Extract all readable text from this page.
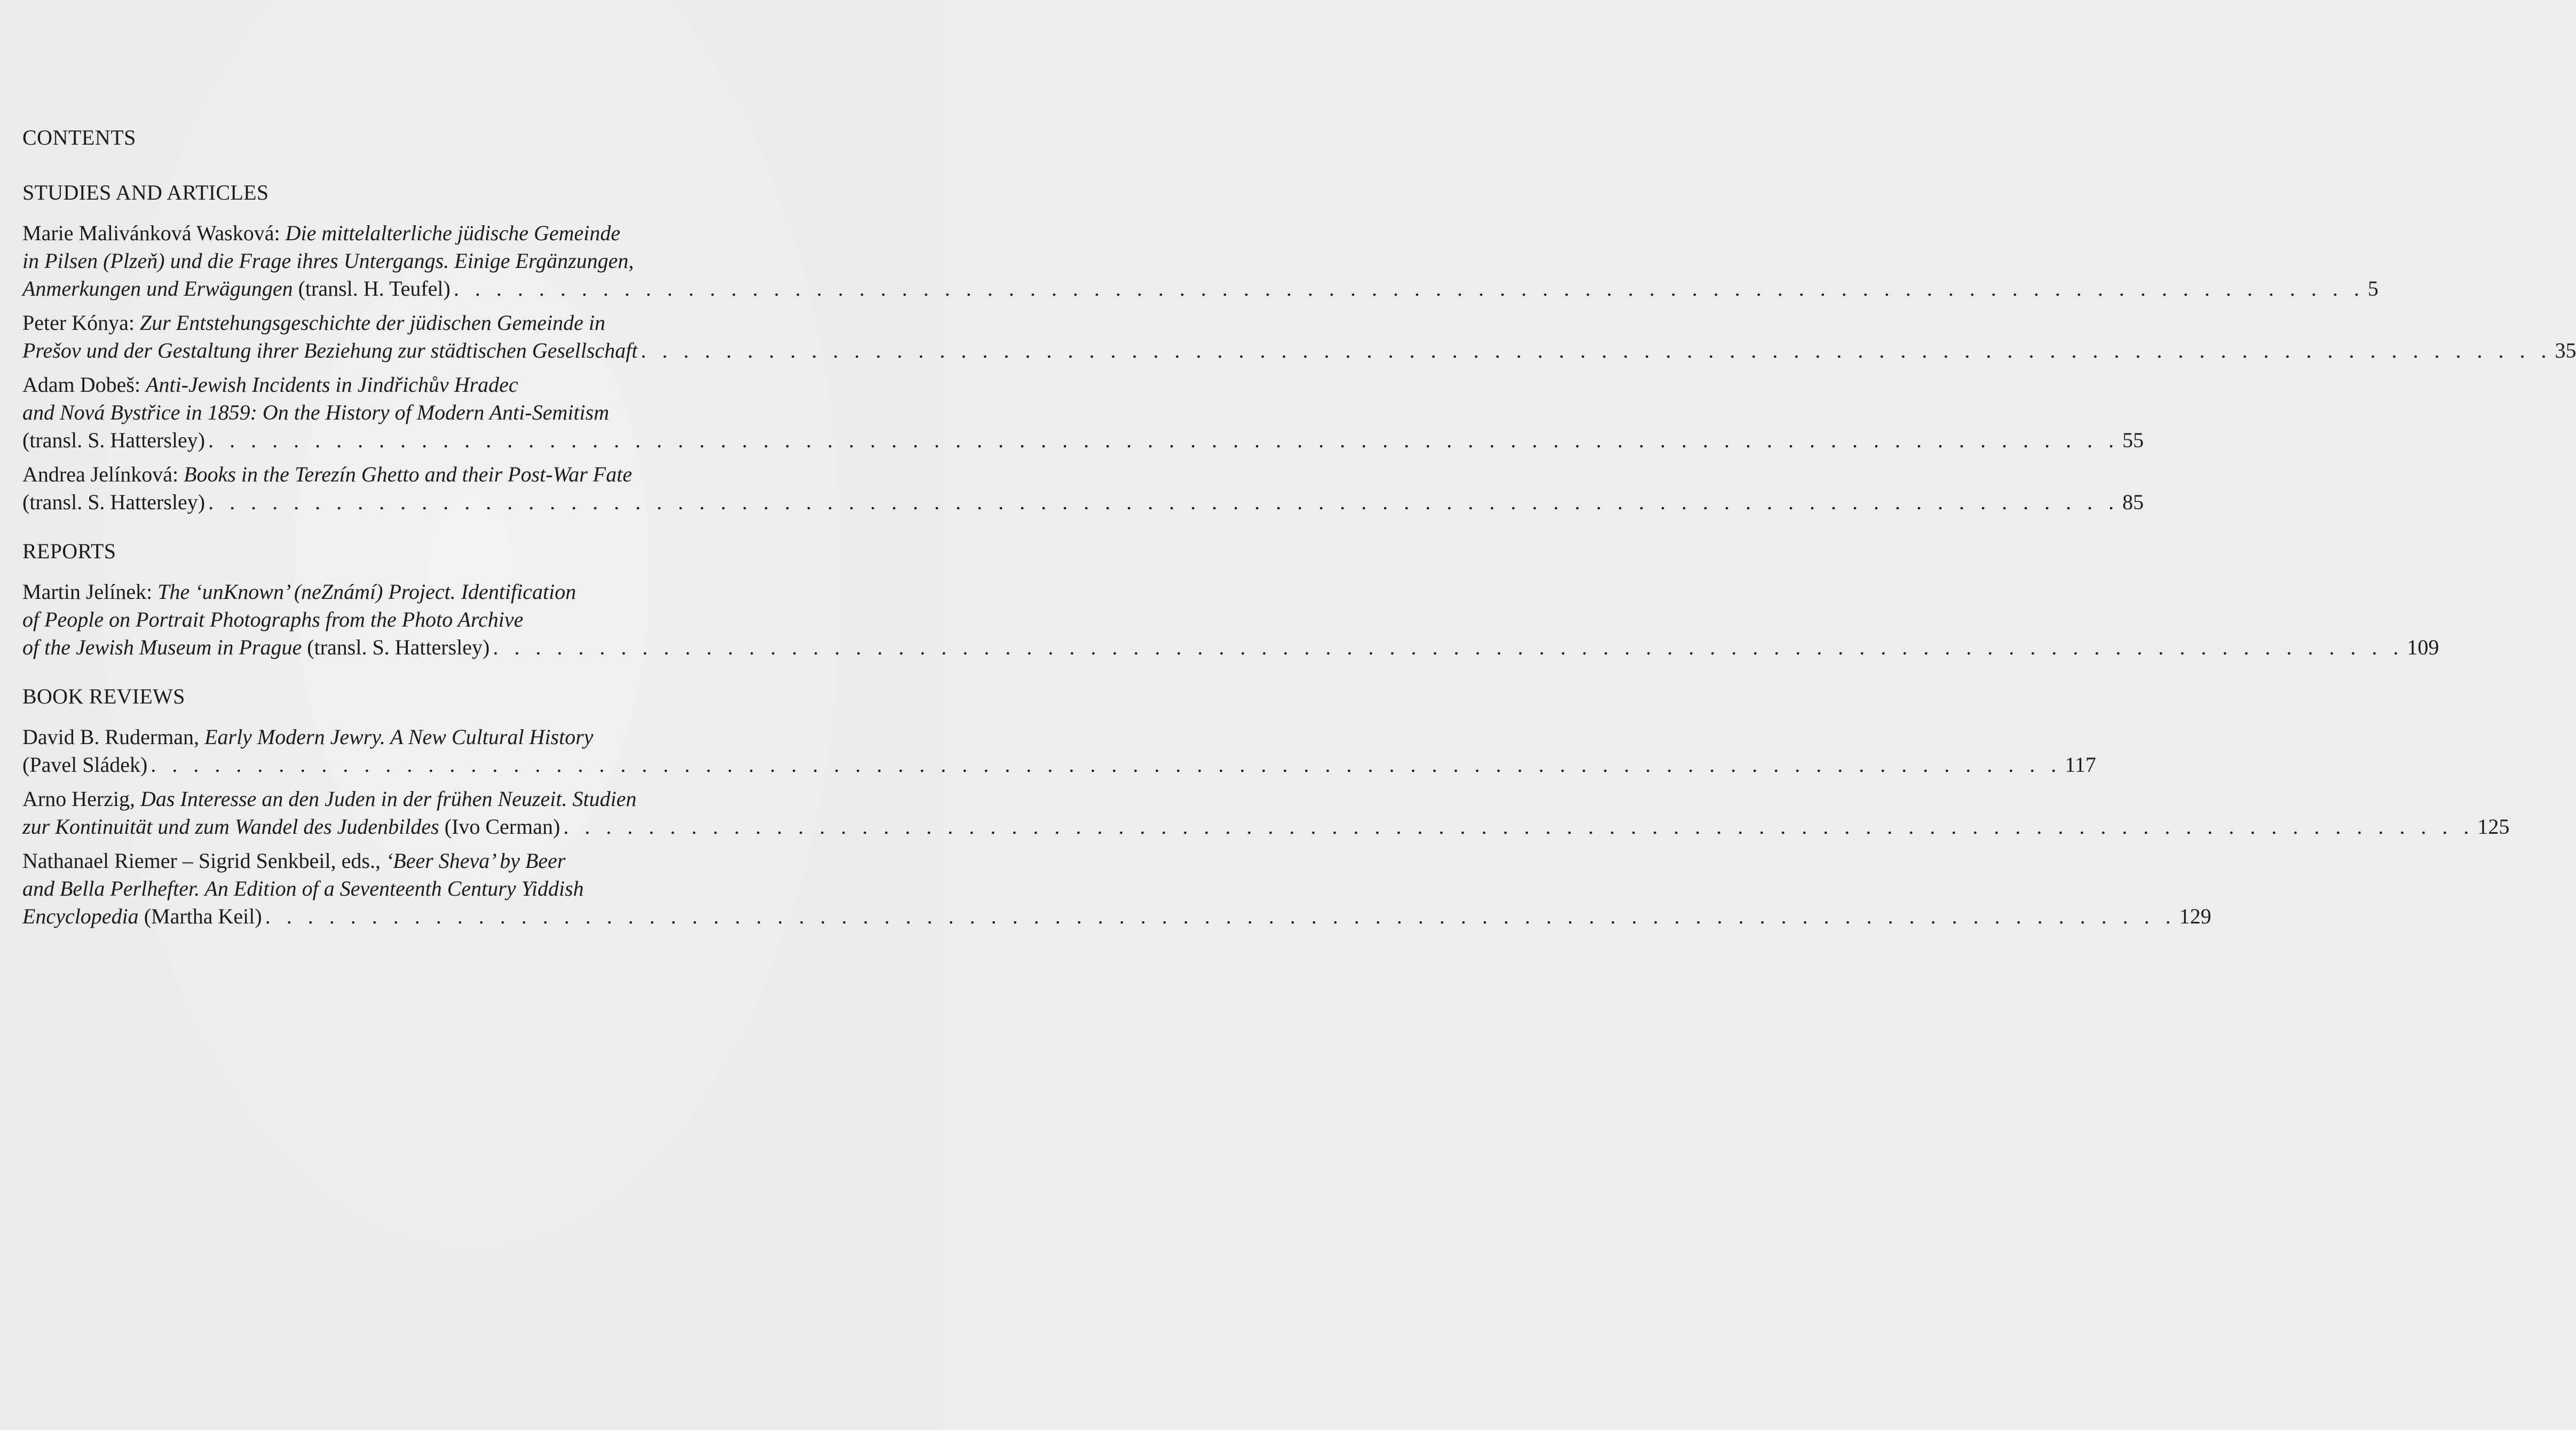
CONTENTS
STUDIES AND ARTICLES
Marie Malivánková Wasková: Die mittelalterliche jüdische Gemeinde
in Pilsen (Plzeň) und die Frage ihres Untergangs. Einige Ergänzungen,
Anmerkungen und Erwägungen (transl. H. Teufel) . . . . . . . . . . . . . . . . . . . . . . . . . . . . . . . . . . . . . . . . . . . . . . . . . . . . . . . . . . . . . . . . . . . . . . . . . . . . . . . . . . . . . . . . . . 5
Peter Kónya: Zur Entstehungsgeschichte der jüdischen Gemeinde in
Prešov und der Gestaltung ihrer Beziehung zur städtischen Gesellschaft . . . . . . . . . . . . . . . . . . . . . . . . . . . . . . . . . . . . . . . . . . . . . . . . . . . . . . . . . . . . . . . . . . . . . . . . . . . . . . . . . . . . . . . . . . 35
Adam Dobeš: Anti-Jewish Incidents in Jindřichův Hradec
and Nová Bystřice in 1859: On the History of Modern Anti-Semitism
(transl. S. Hattersley) . . . . . . . . . . . . . . . . . . . . . . . . . . . . . . . . . . . . . . . . . . . . . . . . . . . . . . . . . . . . . . . . . . . . . . . . . . . . . . . . . . . . . . . . . . 55
Andrea Jelínková: Books in the Terezín Ghetto and their Post-War Fate
(transl. S. Hattersley) . . . . . . . . . . . . . . . . . . . . . . . . . . . . . . . . . . . . . . . . . . . . . . . . . . . . . . . . . . . . . . . . . . . . . . . . . . . . . . . . . . . . . . . . . . 85
REPORTS
Martin Jelínek: The ‘unKnown’ (neZnámí) Project. Identification
of People on Portrait Photographs from the Photo Archive
of the Jewish Museum in Prague (transl. S. Hattersley) . . . . . . . . . . . . . . . . . . . . . . . . . . . . . . . . . . . . . . . . . . . . . . . . . . . . . . . . . . . . . . . . . . . . . . . . . . . . . . . . . . . . . . . . . . 109
BOOK REVIEWS
David B. Ruderman, Early Modern Jewry. A New Cultural History
(Pavel Sládek) . . . . . . . . . . . . . . . . . . . . . . . . . . . . . . . . . . . . . . . . . . . . . . . . . . . . . . . . . . . . . . . . . . . . . . . . . . . . . . . . . . . . . . . . . . 117
Arno Herzig, Das Interesse an den Juden in der frühen Neuzeit. Studien
zur Kontinuität und zum Wandel des Judenbildes (Ivo Cerman) . . . . . . . . . . . . . . . . . . . . . . . . . . . . . . . . . . . . . . . . . . . . . . . . . . . . . . . . . . . . . . . . . . . . . . . . . . . . . . . . . . . . . . . . . . 125
Nathanael Riemer – Sigrid Senkbeil, eds., ‘Beer Sheva’ by Beer
and Bella Perlhefter. An Edition of a Seventeenth Century Yiddish
Encyclopedia (Martha Keil) . . . . . . . . . . . . . . . . . . . . . . . . . . . . . . . . . . . . . . . . . . . . . . . . . . . . . . . . . . . . . . . . . . . . . . . . . . . . . . . . . . . . . . . . . . 129
